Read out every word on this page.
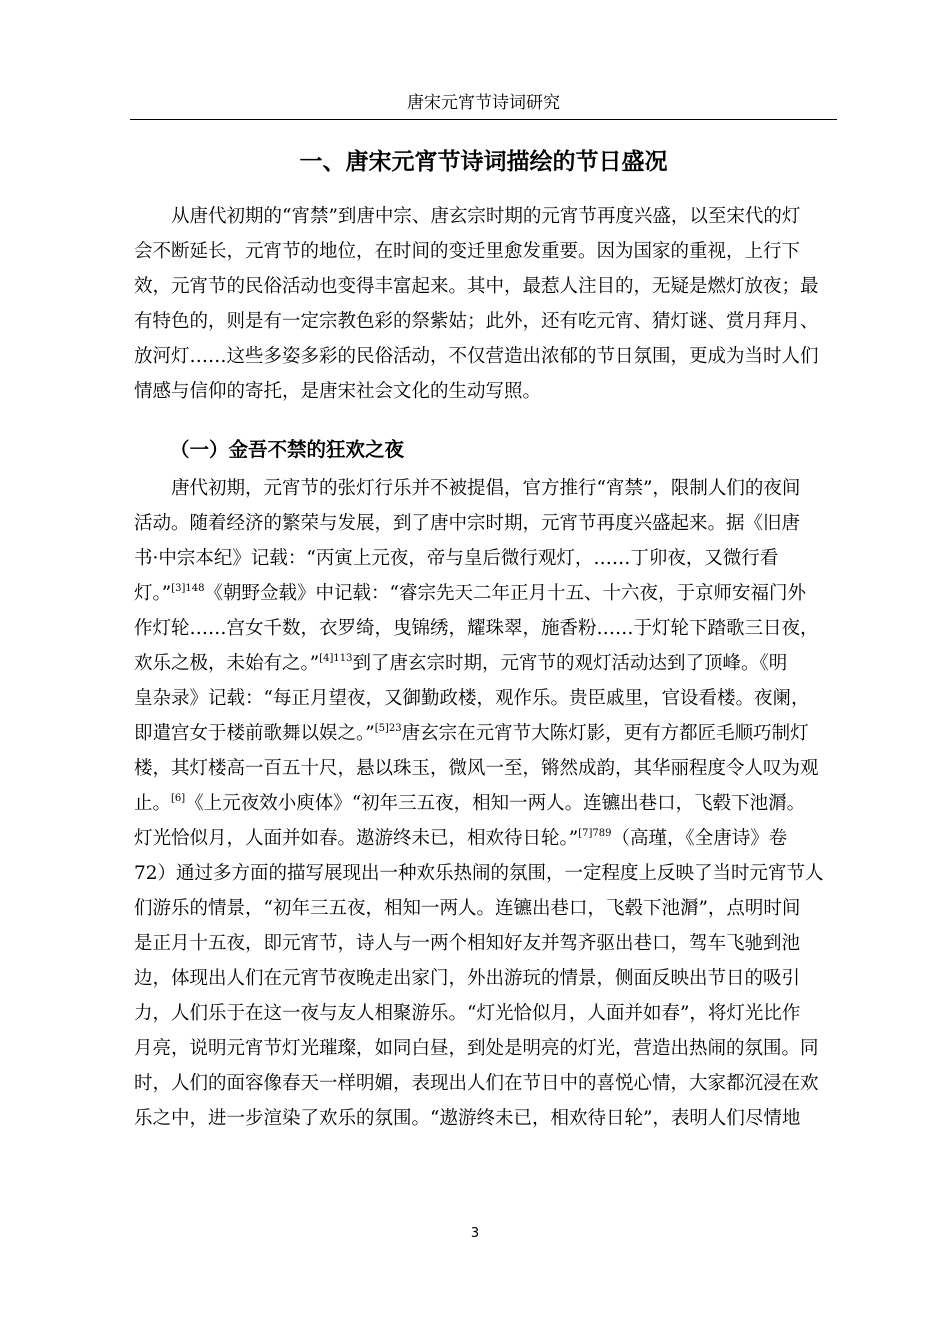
唐宋元宵节诗词研究
一、唐宋元宵节诗词描绘的节日盛况
　　从唐代初期的“宵禁”到唐中宗、唐玄宗时期的元宵节再度兴盛，以至宋代的灯
会不断延长，元宵节的地位，在时间的变迁里愈发重要。因为国家的重视，上行下
效，元宵节的民俗活动也变得丰富起来。其中，最惹人注目的，无疑是燃灯放夜；最
有特色的，则是有一定宗教色彩的祭紫姑；此外，还有吃元宵、猜灯谜、赏月拜月、
放河灯……这些多姿多彩的民俗活动，不仅营造出浓郁的节日氛围，更成为当时人们
情感与信仰的寄托，是唐宋社会文化的生动写照。
（一）金吾不禁的狂欢之夜
　　唐代初期，元宵节的张灯行乐并不被提倡，官方推行“宵禁”，限制人们的夜间
活动。随着经济的繁荣与发展，到了唐中宗时期，元宵节再度兴盛起来。据《旧唐
书·中宗本纪》记载：“丙寅上元夜，帝与皇后微行观灯，……丁卯夜，又微行看
灯。”$^{[3]148}$《朝野佥载》中记载：“睿宗先天二年正月十五、十六夜，于京师安福门外
作灯轮……宫女千数，衣罗绮，曳锦绣，耀珠翠，施香粉……于灯轮下踏歌三日夜，
欢乐之极，未始有之。”$^{[4]113}$到了唐玄宗时期，元宵节的观灯活动达到了顶峰。《明
皇杂录》记载：“每正月望夜，又御勤政楼，观作乐。贵臣戚里，官设看楼。夜阑，
即遣宫女于楼前歌舞以娱之。”$^{[5]23}$唐玄宗在元宵节大陈灯影，更有方都匠毛顺巧制灯
楼，其灯楼高一百五十尺，悬以珠玉，微风一至，锵然成韵，其华丽程度令人叹为观
止。[6]《上元夜效小庾体》“初年三五夜，相知一两人。连镳出巷口，飞毂下池漘。
灯光恰似月，人面并如春。遨游终未已，相欢待日轮。”$^{[7]789}$（高瑾，《全唐诗》卷
72）通过多方面的描写展现出一种欢乐热闹的氛围，一定程度上反映了当时元宵节人
们游乐的情景，“初年三五夜，相知一两人。连镳出巷口，飞毂下池漘”，点明时间
是正月十五夜，即元宵节，诗人与一两个相知好友并驾齐驱出巷口，驾车飞驰到池
边，体现出人们在元宵节夜晚走出家门，外出游玩的情景，侧面反映出节日的吸引
力，人们乐于在这一夜与友人相聚游乐。“灯光恰似月，人面并如春”，将灯光比作
月亮，说明元宵节灯光璀璨，如同白昼，到处是明亮的灯光，营造出热闹的氛围。同
时，人们的面容像春天一样明媚，表现出人们在节日中的喜悦心情，大家都沉浸在欢
乐之中，进一步渲染了欢乐的氛围。“遨游终未已，相欢待日轮”，表明人们尽情地
3
